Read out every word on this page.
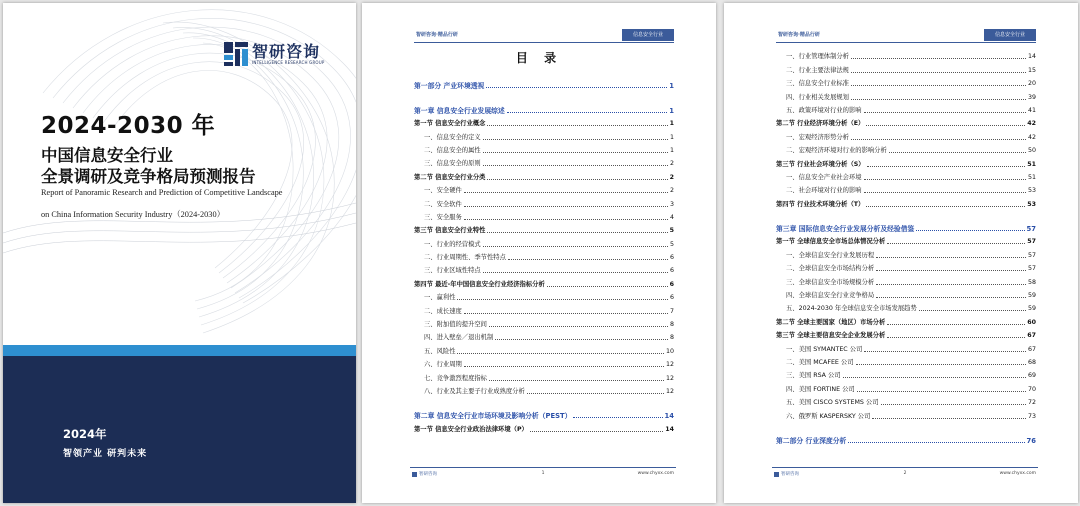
智研咨询
INTELLIGENCE RESEARCH GROUP
2024-2030 年
中国信息安全行业
全景调研及竞争格局预测报告
Report of Panoramic Research and Prediction of Competitive Landscape
on China Information Security Industry（2024-2030）
2024年
智领产业 研判未来
智研咨询·精品行研	信息安全行业
目 录
第一部分 产业环境透视	1
第一章 信息安全行业发展综述	1
第一节 信息安全行业概念	1
一、信息安全的定义	1
二、信息安全的属性	1
三、信息安全的原则	2
第二节 信息安全行业分类	2
一、安全硬件	2
二、安全软件	3
三、安全服务	4
第三节 信息安全行业特性	5
一、行业的经营模式	5
二、行业周期性、季节性特点	6
三、行业区域性特点	6
第四节 最近-年中国信息安全行业经济指标分析	6
一、赢利性	6
二、成长速度	7
三、附加值的提升空间	8
四、进入壁垒／退出机制	8
五、风险性	10
六、行业周期	12
七、竞争激烈程度指标	12
八、行业及其主要子行业成熟度分析	12
第二章 信息安全行业市场环境及影响分析（PEST）	14
第一节 信息安全行业政治法律环境（P）	14
智研咨询	1	www.chyxx.com
智研咨询·精品行研	信息安全行业
一、行业管理体制分析	14
二、行业主要法律法规	15
三、信息安全行业标准	20
四、行业相关发展规划	39
五、政策环境对行业的影响	41
第二节 行业经济环境分析（E）	42
一、宏观经济形势分析	42
二、宏观经济环境对行业的影响分析	50
第三节 行业社会环境分析（S）	51
一、信息安全产业社会环境	51
二、社会环境对行业的影响	53
第四节 行业技术环境分析（T）	53
第三章 国际信息安全行业发展分析及经验借鉴	57
第一节 全球信息安全市场总体情况分析	57
一、全球信息安全行业发展历程	57
二、全球信息安全市场结构分析	57
三、全球信息安全市场规模分析	58
四、全球信息安全行业竞争格局	59
五、2024-2030 年全球信息安全市场发展趋势	59
第二节 全球主要国家（地区）市场分析	60
第三节 全球主要信息安全企业发展分析	67
一、美国 SYMANTEC 公司	67
二、美国 MCAFEE 公司	68
三、美国 RSA 公司	69
四、美国 FORTINE 公司	70
五、美国 CISCO SYSTEMS 公司	72
六、俄罗斯 KASPERSKY 公司	73
第二部分 行业深度分析	76
智研咨询	2	www.chyxx.com
